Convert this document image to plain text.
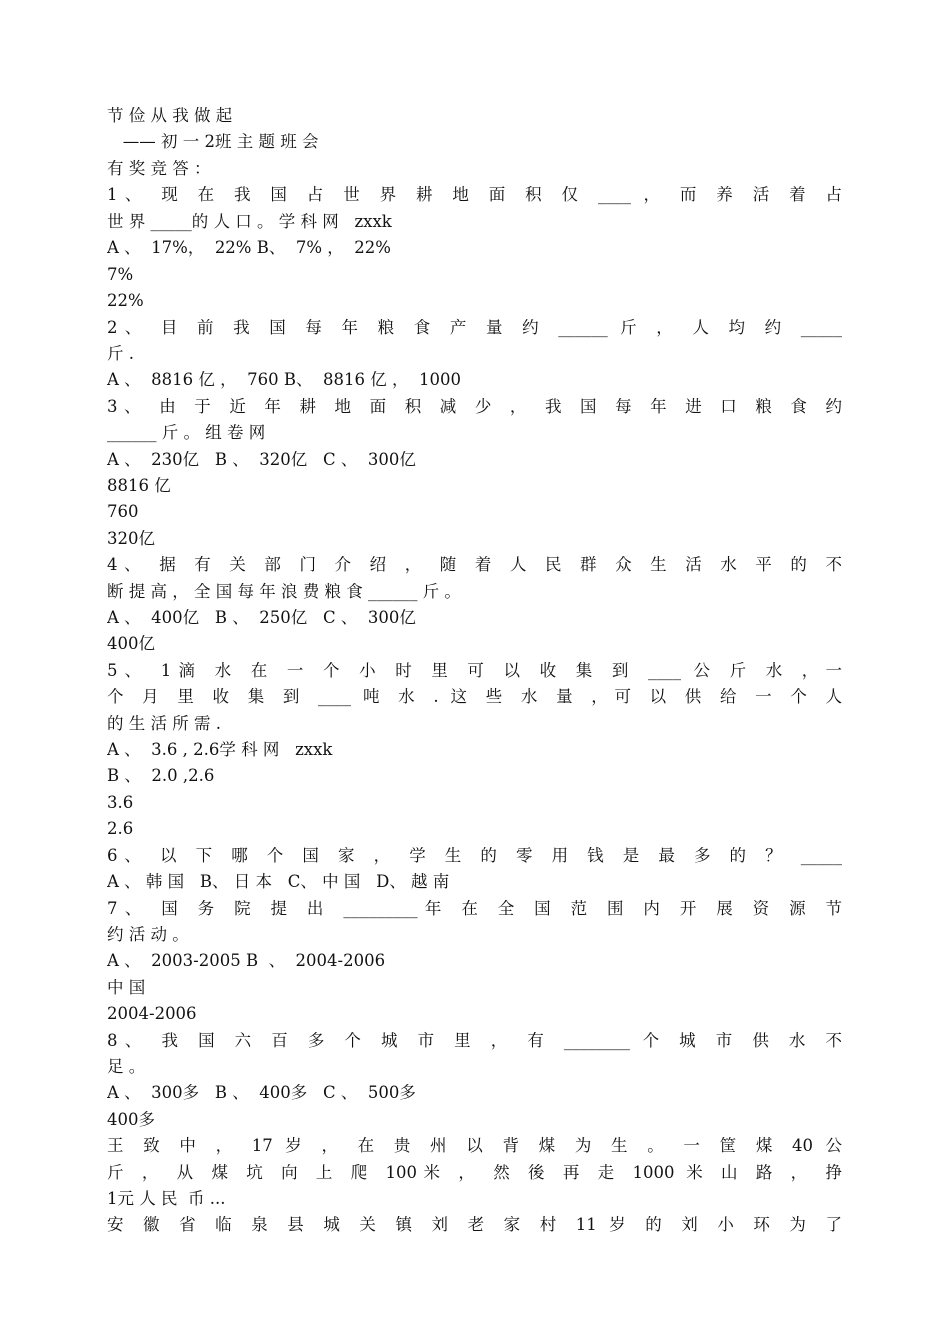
节 俭 从 我 做 起
—— 初 一 2班 主 题 班 会
有 奖 竞 答 ：
1、 现 在 我 国 占 世 界 耕 地 面 积 仅 ____ ， 而 养 活 着 占
世 界 _____的 人 口 。 学 科 网   zxxk
A 、  17%，  22% B、  7% ，  22%
7%
22%
2、 目 前 我 国 每 年 粮 食 产 量 约 ______ 斤 ， 人 均 约 _____
斤 .
A 、  8816 亿 ，  760 B、  8816 亿 ，  1000
3、 由 于 近 年 耕 地 面 积 减 少 ， 我 国 每 年 进 口 粮 食 约
______ 斤 。 组 卷 网
A 、  230亿   B 、  320亿   C 、  300亿
8816 亿
760
320亿
4、 据 有 关 部 门 介 绍 ， 随 着 人 民 群 众 生 活 水 平 的 不
断 提 高 ， 全 国 每 年 浪 费 粮 食 ______ 斤 。
A 、  400亿   B 、  250亿   C 、  300亿
400亿
5、 1滴 水 在 一 个 小 时 里 可 以 收 集 到 ____ 公 斤 水 ，一
个 月 里 收 集 到 ____ 吨 水 . 这 些 水 量 ，可 以 供 给 一 个 人
的 生 活 所 需 .
A 、  3.6 , 2.6学 科 网   zxxk
B 、  2.0 ,2.6
3.6
2.6
6、 以 下 哪 个 国 家 ， 学 生 的 零 用 钱 是 最 多 的 ？ _____
A 、 韩 国   B、 日 本   C、 中 国   D、 越 南
7、 国 务 院 提 出 _________年 在 全 国 范 围 内 开 展 资 源 节
约 活 动 。
A 、  2003-2005 B  、  2004-2006
中 国
2004-2006
8、 我 国 六 百 多 个 城 市 里 ， 有 ________ 个 城 市 供 水 不
足 。
A 、  300多   B 、  400多   C 、  500多
400多
王 致 中 ， 17 岁 ， 在 贵 州 以 背 煤 为 生 。 一 筐 煤 40 公
斤 ， 从 煤 坑 向 上 爬 100米 ， 然 後 再 走 1000 米 山 路 ， 挣
1元 人 民  币 ...
安 徽 省 临 泉 县 城 关 镇 刘 老 家 村 11 岁 的 刘 小 环 为 了
